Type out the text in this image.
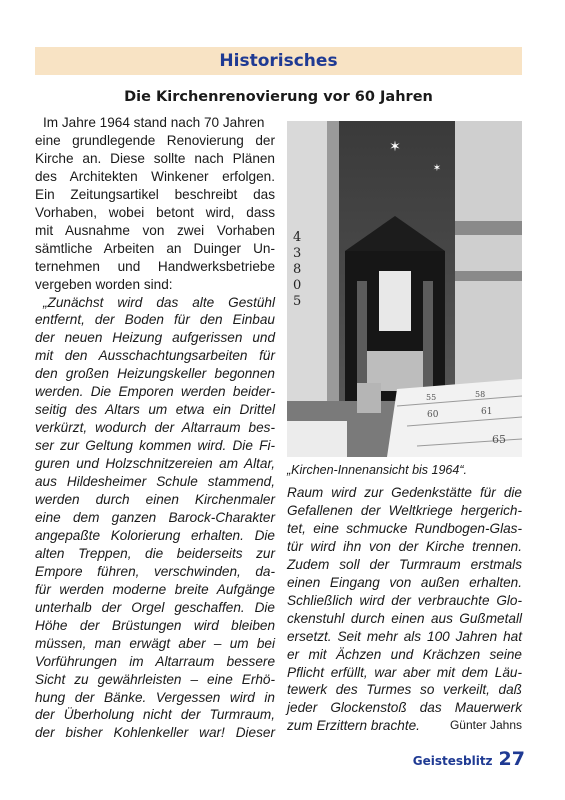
Historisches
Die Kirchenrenovierung vor 60 Jahren
Im Jahre 1964 stand nach 70 Jahren
eine grundlegende Renovierung der
Kirche an. Diese sollte nach Plänen
des Architekten Winkener erfolgen.
Ein Zeitungsartikel beschreibt das
Vorhaben, wobei betont wird, dass
mit Ausnahme von zwei Vorhaben
sämtliche Arbeiten an Duinger Un-
ternehmen und Handwerksbetriebe
vergeben worden sind:
„Zunächst wird das alte Gestühl
entfernt, der Boden für den Einbau
der neuen Heizung aufgerissen und
mit den Ausschachtungsarbeiten für
den großen Heizungskeller begonnen
werden. Die Emporen werden beider-
seitig des Altars um etwa ein Drittel
verkürzt, wodurch der Altarraum bes-
ser zur Geltung kommen wird. Die Fi-
guren und Holzschnitzereien am Altar,
aus Hildesheimer Schule stammend,
werden durch einen Kirchenmaler
eine dem ganzen Barock-Charakter
angepaßte Kolorierung erhalten. Die
alten Treppen, die beiderseits zur
Empore führen, verschwinden, da-
für werden moderne breite Aufgänge
unterhalb der Orgel geschaffen. Die
Höhe der Brüstungen wird bleiben
müssen, man erwägt aber – um bei
Vorführungen im Altarraum bessere
Sicht zu gewährleisten – eine Erhö-
hung der Bänke. Vergessen wird in
der Überholung nicht der Turmraum,
der bisher Kohlenkeller war! Dieser
✶
✶
4
3
8
0
5
55	58
60	61
65
„Kirchen-Innenansicht bis 1964“.
Raum wird zur Gedenkstätte für die
Gefallenen der Weltkriege hergerich-
tet, eine schmucke Rundbogen-Glas-
tür wird ihn von der Kirche trennen.
Zudem soll der Turmraum erstmals
einen Eingang von außen erhalten.
Schließlich wird der verbrauchte Glo-
ckenstuhl durch einen aus Gußmetall
ersetzt. Seit mehr als 100 Jahren hat
er mit Ächzen und Krächzen seine
Pflicht erfüllt, war aber mit dem Läu-
tewerk des Turmes so verkeilt, daß
jeder Glockenstoß das Mauerwerk
zum Erzittern brachte. Günter Jahns
Geistesblitz 27
